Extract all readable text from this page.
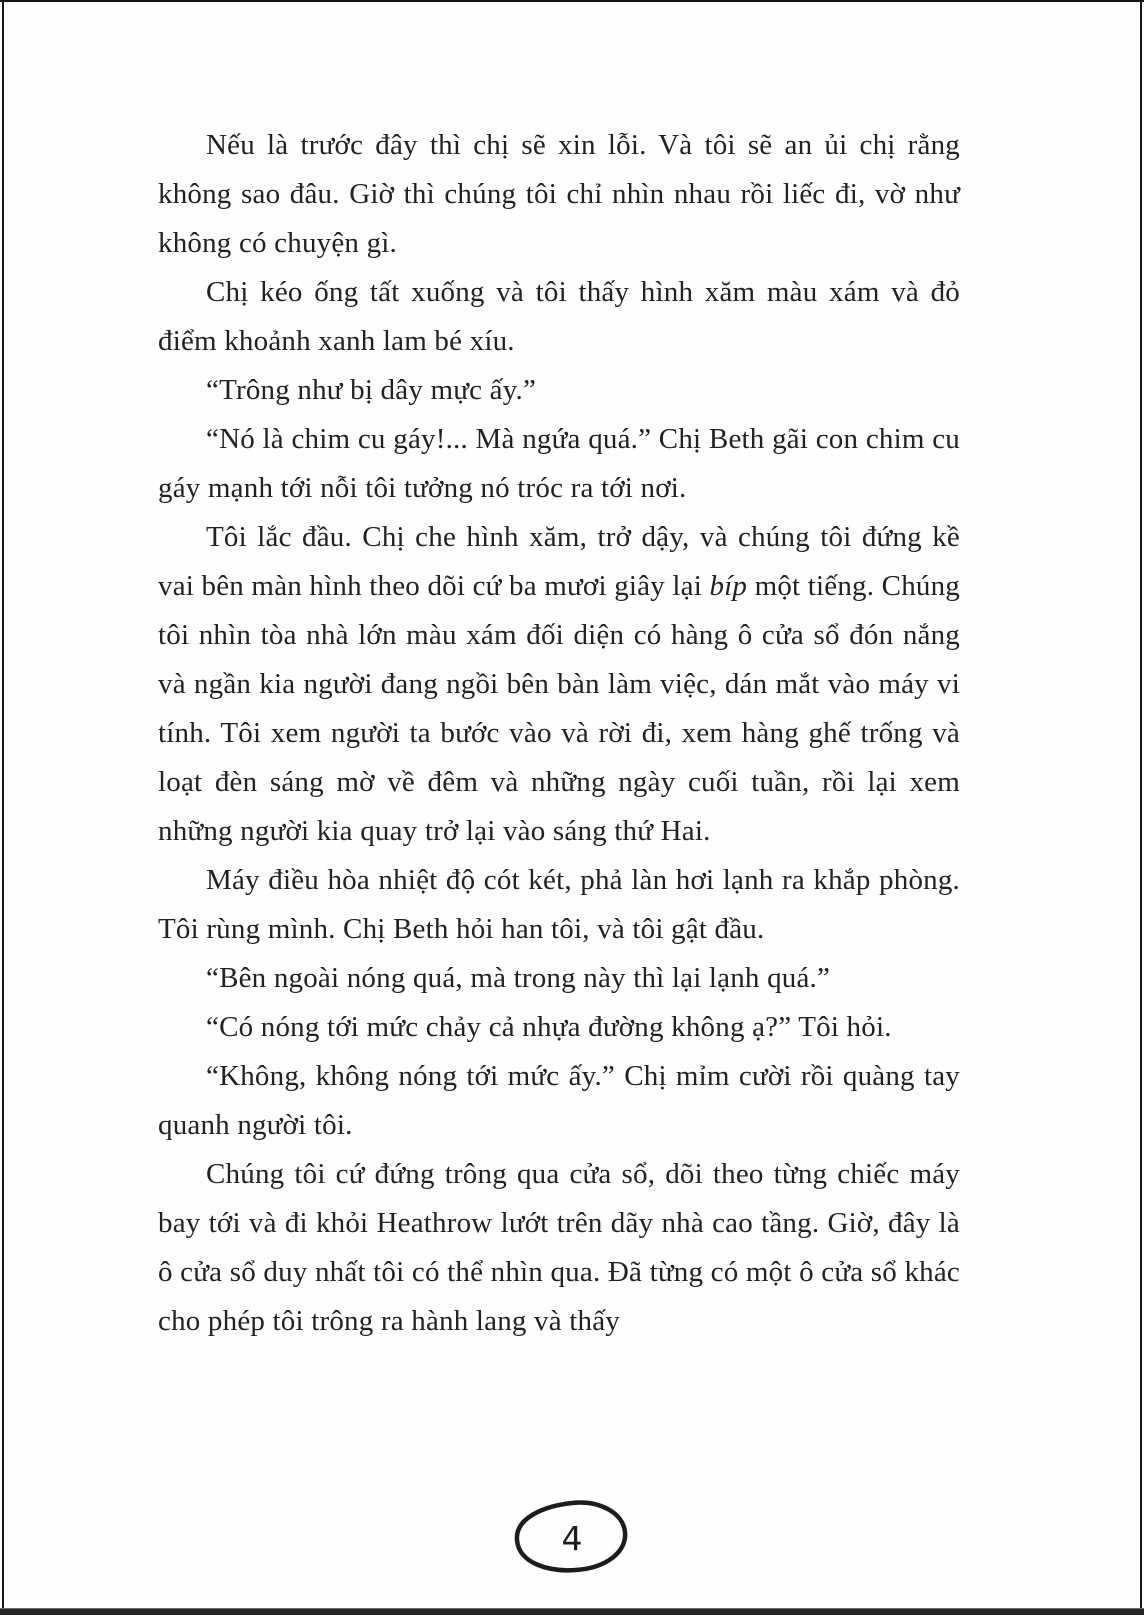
Nếu là trước đây thì chị sẽ xin lỗi. Và tôi sẽ an ủi chị rằng không sao đâu. Giờ thì chúng tôi chỉ nhìn nhau rồi liếc đi, vờ như không có chuyện gì.

Chị kéo ống tất xuống và tôi thấy hình xăm màu xám và đỏ điểm khoảnh xanh lam bé xíu.

“Trông như bị dây mực ấy.”

“Nó là chim cu gáy!... Mà ngứa quá.” Chị Beth gãi con chim cu gáy mạnh tới nỗi tôi tưởng nó tróc ra tới nơi.

Tôi lắc đầu. Chị che hình xăm, trở dậy, và chúng tôi đứng kề vai bên màn hình theo dõi cứ ba mươi giây lại bíp một tiếng. Chúng tôi nhìn tòa nhà lớn màu xám đối diện có hàng ô cửa sổ đón nắng và ngần kia người đang ngồi bên bàn làm việc, dán mắt vào máy vi tính. Tôi xem người ta bước vào và rời đi, xem hàng ghế trống và loạt đèn sáng mờ về đêm và những ngày cuối tuần, rồi lại xem những người kia quay trở lại vào sáng thứ Hai.

Máy điều hòa nhiệt độ cót két, phả làn hơi lạnh ra khắp phòng. Tôi rùng mình. Chị Beth hỏi han tôi, và tôi gật đầu.

“Bên ngoài nóng quá, mà trong này thì lại lạnh quá.”

“Có nóng tới mức chảy cả nhựa đường không ạ?” Tôi hỏi.

“Không, không nóng tới mức ấy.” Chị mỉm cười rồi quàng tay quanh người tôi.

Chúng tôi cứ đứng trông qua cửa sổ, dõi theo từng chiếc máy bay tới và đi khỏi Heathrow lướt trên dãy nhà cao tầng. Giờ, đây là ô cửa sổ duy nhất tôi có thể nhìn qua. Đã từng có một ô cửa sổ khác cho phép tôi trông ra hành lang và thấy

4
